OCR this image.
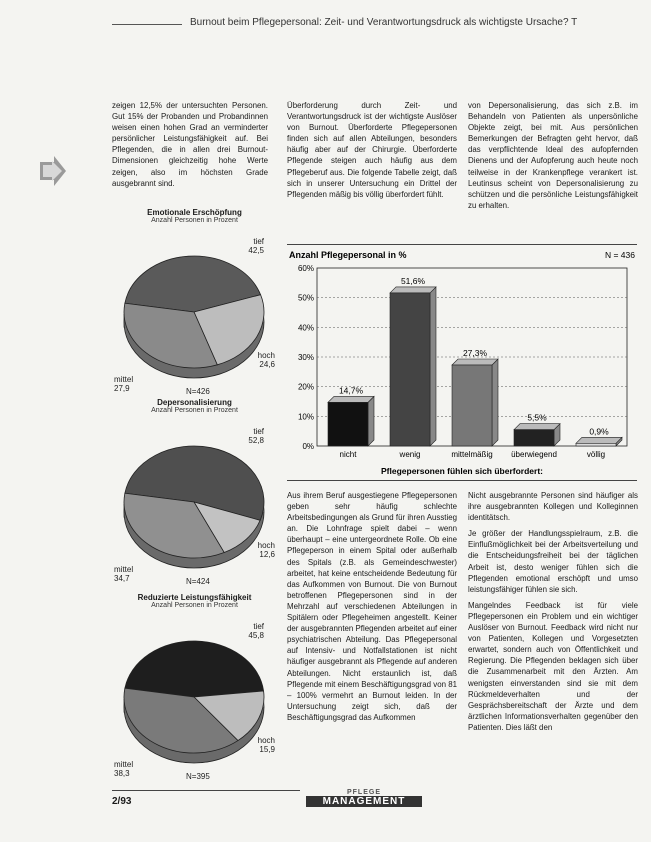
Burnout beim Pflegepersonal: Zeit- und Verantwortungsdruck als wichtigste Ursache? T

zeigen 12,5% der untersuchten Personen. Gut 15% der Probanden und Probandinnen weisen einen hohen Grad an verminderter persönlicher Leistungsfähigkeit auf. Bei Pflegenden, die in allen drei Burnout-Dimensionen gleichzeitig hohe Werte zeigen, also im höchsten Grade ausgebrannt sind.

Emotionale Erschöpfung
Anzahl Personen in Prozent
tief
42,5
hoch
24,6
mittel
27,9	N=426
Depersonalisierung
Anzahl Personen in Prozent
tief
52,8
hoch
12,6
mittel
34,7	N=424
Reduzierte Leistungsfähigkeit
Anzahl Personen in Prozent
tief
45,8
hoch
15,9
mittel
38,3	N=395

Überforderung durch Zeit- und Verantwortungsdruck ist der wichtigste Auslöser von Burnout. Überforderte Pflegepersonen finden sich auf allen Abteilungen, besonders häufig aber auf der Chirurgie. Überforderte Pflegende steigen auch häufig aus dem Pflegeberuf aus. Die folgende Tabelle zeigt, daß sich in unserer Untersuchung ein Drittel der Pflegenden mäßig bis völlig überfordert fühlt.

von Depersonalisierung, das sich z.B. im Behandeln von Patienten als unpersönliche Objekte zeigt, bei mit. Aus persönlichen Bemerkungen der Befragten geht hervor, daß das verpflichtende Ideal des aufopfernden Dienens und der Aufopferung auch heute noch teilweise in der Krankenpflege verankert ist. Leutinsus scheint von Depersonalisierung zu schützen und die persönliche Leistungsfähigkeit zu erhalten.

Anzahl Pflegepersonal in %	N = 436
0%
10%
20%
30%
40%
50%
60%
14,7%
nicht
51,6%
wenig
27,3%
mittelmäßig
5,5%
überwiegend
0,9%
völlig
Pflegepersonen fühlen sich überfordert:

Aus ihrem Beruf ausgestiegene Pflegepersonen geben sehr häufig schlechte Arbeitsbedingungen als Grund für ihren Ausstieg an. Die Lohnfrage spielt dabei – wenn überhaupt – eine untergeordnete Rolle. Ob eine Pflegeperson in einem Spital oder außerhalb des Spitals (z.B. als Gemeindeschwester) arbeitet, hat keine entscheidende Bedeutung für das Aufkommen von Burnout. Die von Burnout betroffenen Pflegepersonen sind in der Mehrzahl auf verschiedenen Abteilungen in Spitälern oder Pflegeheimen angestellt. Keiner der ausgebrannten Pflegenden arbeitet auf einer psychiatrischen Abteilung. Das Pflegepersonal auf Intensiv- und Notfallstationen ist nicht häufiger ausgebrannt als Pflegende auf anderen Abteilungen. Nicht erstaunlich ist, daß Pflegende mit einem Beschäftigungsgrad von 81 – 100% vermehrt an Burnout leiden. In der Untersuchung zeigt sich, daß der Beschäftigungsgrad das Aufkommen

Nicht ausgebrannte Personen sind häufiger als ihre ausgebrannten Kollegen und Kolleginnen identitätsch.

Je größer der Handlungsspielraum, z.B. die Einflußmöglichkeit bei der Arbeitsverteilung und die Entscheidungsfreiheit bei der täglichen Arbeit ist, desto weniger fühlen sich die Pflegenden emotional erschöpft und umso leistungsfähiger fühlen sie sich.

Mangelndes Feedback ist für viele Pflegepersonen ein Problem und ein wichtiger Auslöser von Burnout. Feedback wird nicht nur von Patienten, Kollegen und Vorgesetzten erwartet, sondern auch von Öffentlichkeit und Regierung. Die Pflegenden beklagen sich über die Zusammenarbeit mit den Ärzten. Am wenigsten einverstanden sind sie mit dem Rückmeldeverhalten und der Gesprächsbereitschaft der Ärzte und dem ärztlichen Informationsverhalten gegenüber den Patienten. Dies läßt den

2/93
PFLEGE
MANAGEMENT
